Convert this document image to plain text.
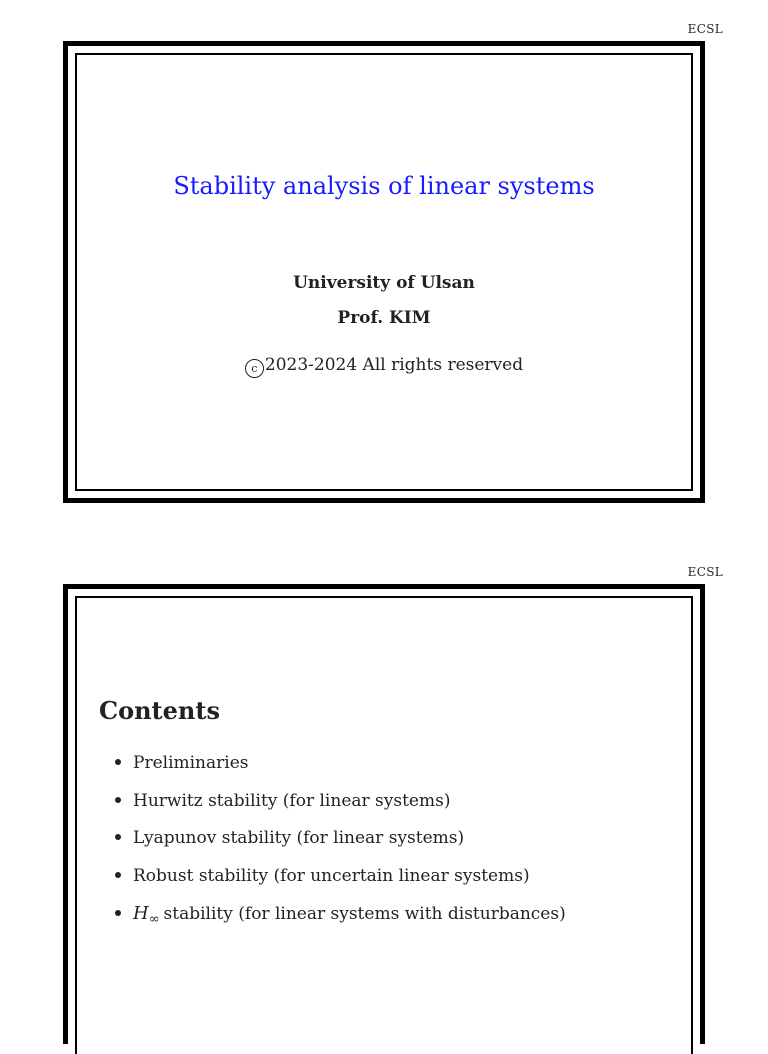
ECSL
Stability analysis of linear systems
University of Ulsan
Prof. KIM
c 2023-2024 All rights reserved
ECSL
Contents
Preliminaries
Hurwitz stability (for linear systems)
Lyapunov stability (for linear systems)
Robust stability (for uncertain linear systems)
$H_\infty$ stability (for linear systems with disturbances)
